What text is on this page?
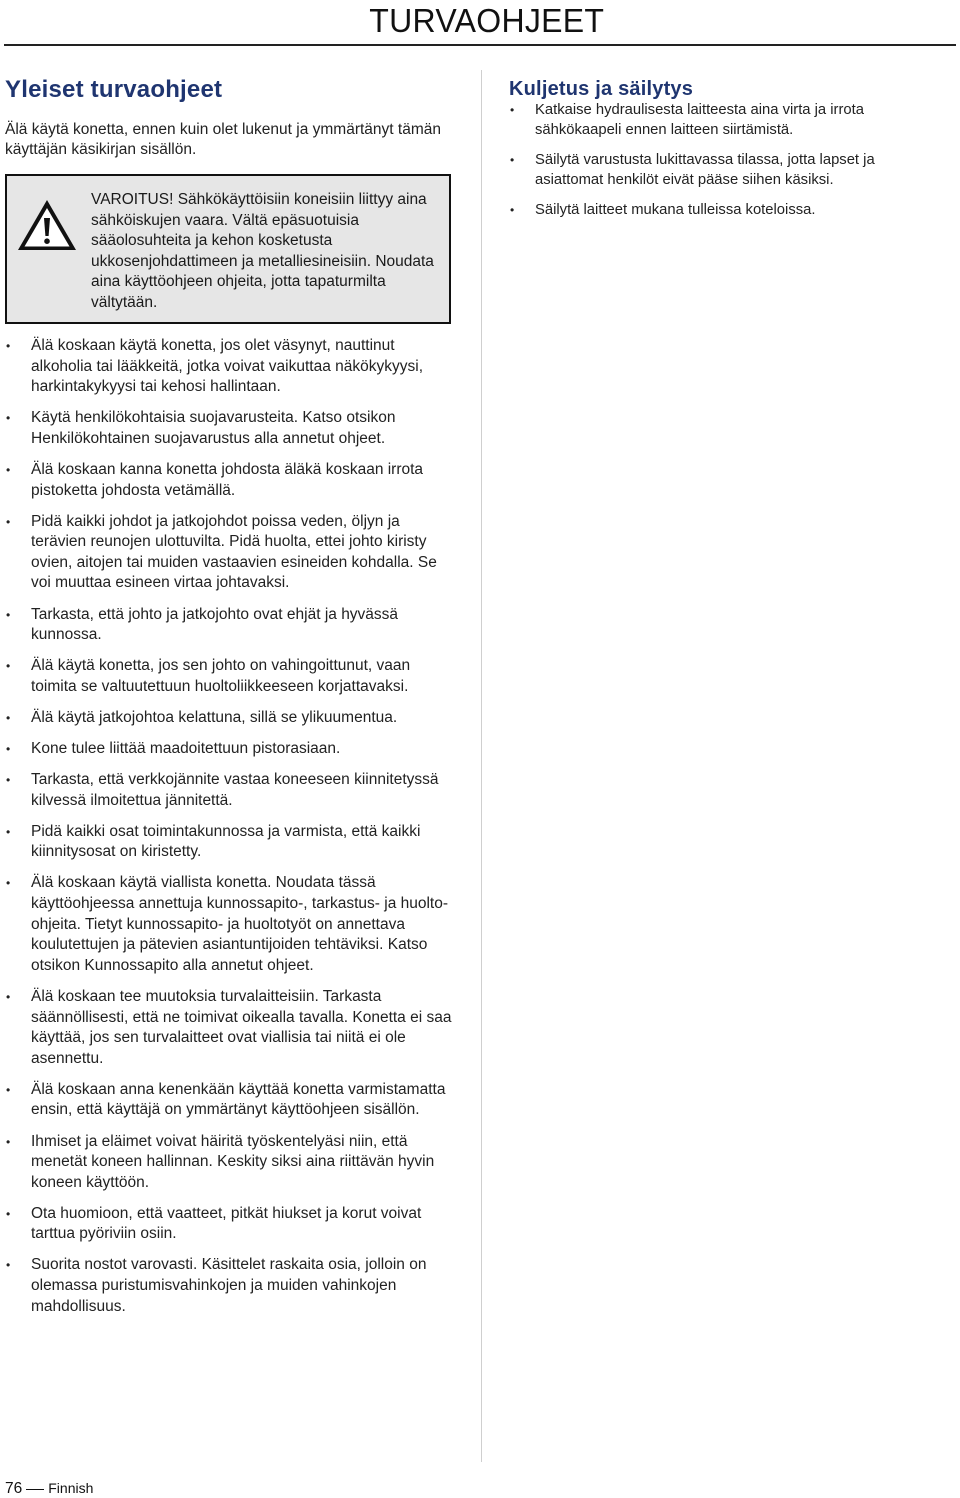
TURVAOHJEET
Yleiset turvaohjeet

Älä käytä konetta, ennen kuin olet lukenut ja ymmärtänyt tämän käyttäjän käsikirjan sisällön.

VAROITUS! Sähkökäyttöisiin koneisiin liittyy aina sähköiskujen vaara. Vältä epäsuotuisia sääolosuhteita ja kehon kosketusta ukkosenjohdattimeen ja metalliesineisiin. Noudata aina käyttöohjeen ohjeita, jotta tapaturmilta vältytään.
• Älä koskaan käytä konetta, jos olet väsynyt, nauttinut alkoholia tai lääkkeitä, jotka voivat vaikuttaa näkökykyysi, harkintakykyysi tai kehosi hallintaan.
• Käytä henkilökohtaisia suojavarusteita. Katso otsikon Henkilökohtainen suojavarustus alla annetut ohjeet.
• Älä koskaan kanna konetta johdosta äläkä koskaan irrota pistoketta johdosta vetämällä.
• Pidä kaikki johdot ja jatkojohdot poissa veden, öljyn ja terävien reunojen ulottuvilta. Pidä huolta, ettei johto kiristy ovien, aitojen tai muiden vastaavien esineiden kohdalla. Se voi muuttaa esineen virtaa johtavaksi.
• Tarkasta, että johto ja jatkojohto ovat ehjät ja hyvässä kunnossa.
• Älä käytä konetta, jos sen johto on vahingoittunut, vaan toimita se valtuutettuun huoltoliikkeeseen korjattavaksi.
• Älä käytä jatkojohtoa kelattuna, sillä se ylikuumentua.
• Kone tulee liittää maadoitettuun pistorasiaan.
• Tarkasta, että verkkojännite vastaa koneeseen kiinnitetyssä kilvessä ilmoitettua jännitettä.
• Pidä kaikki osat toimintakunnossa ja varmista, että kaikki kiinnitysosat on kiristetty.
• Älä koskaan käytä viallista konetta. Noudata tässä käyttöohjeessa annettuja kunnossapito-, tarkastus- ja huolto-ohjeita. Tietyt kunnossapito- ja huoltotyöt on annettava koulutettujen ja pätevien asiantuntijoiden tehtäviksi. Katso otsikon Kunnossapito alla annetut ohjeet.
• Älä koskaan tee muutoksia turvalaitteisiin. Tarkasta säännöllisesti, että ne toimivat oikealla tavalla. Konetta ei saa käyttää, jos sen turvalaitteet ovat viallisia tai niitä ei ole asennettu.
• Älä koskaan anna kenenkään käyttää konetta varmistamatta ensin, että käyttäjä on ymmärtänyt käyttöohjeen sisällön.
• Ihmiset ja eläimet voivat häiritä työskentelyäsi niin, että menetät koneen hallinnan. Keskity siksi aina riittävän hyvin koneen käyttöön.
• Ota huomioon, että vaatteet, pitkät hiukset ja korut voivat tarttua pyöriviin osiin.
• Suorita nostot varovasti. Käsittelet raskaita osia, jolloin on olemassa puristumisvahinkojen ja muiden vahinkojen mahdollisuus.
Kuljetus ja säilytys
• Katkaise hydraulisesta laitteesta aina virta ja irrota sähkökaapeli ennen laitteen siirtämistä.
• Säilytä varustusta lukittavassa tilassa, jotta lapset ja asiattomat henkilöt eivät pääse siihen käsiksi.
• Säilytä laitteet mukana tulleissa koteloissa.
76 Finnish
